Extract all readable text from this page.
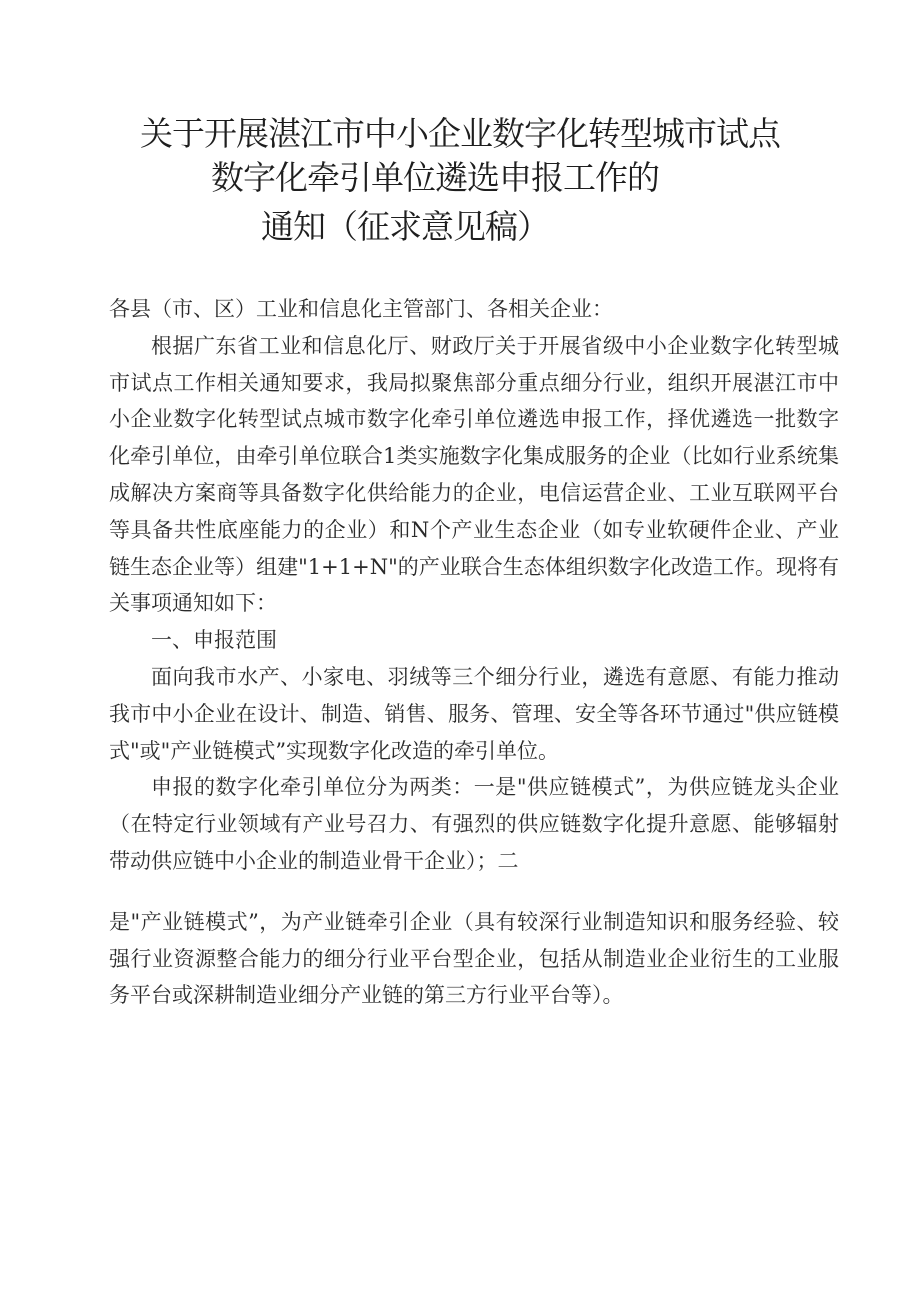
关于开展湛江市中小企业数字化转型城市试点
数字化牵引单位遴选申报工作的
通知（征求意见稿）

各县（市、区）工业和信息化主管部门、各相关企业：

根据广东省工业和信息化厅、财政厅关于开展省级中小企业数字化转型城市试点工作相关通知要求，我局拟聚焦部分重点细分行业，组织开展湛江市中小企业数字化转型试点城市数字化牵引单位遴选申报工作，择优遴选一批数字化牵引单位，由牵引单位联合1类实施数字化集成服务的企业（比如行业系统集成解决方案商等具备数字化供给能力的企业，电信运营企业、工业互联网平台等具备共性底座能力的企业）和N个产业生态企业（如专业软硬件企业、产业链生态企业等）组建"1+1+N"的产业联合生态体组织数字化改造工作。现将有关事项通知如下：

一、申报范围

面向我市水产、小家电、羽绒等三个细分行业，遴选有意愿、有能力推动我市中小企业在设计、制造、销售、服务、管理、安全等各环节通过"供应链模式"或"产业链模式”实现数字化改造的牵引单位。

申报的数字化牵引单位分为两类：一是"供应链模式”，为供应链龙头企业（在特定行业领域有产业号召力、有强烈的供应链数字化提升意愿、能够辐射带动供应链中小企业的制造业骨干企业）；二

是"产业链模式”，为产业链牵引企业（具有较深行业制造知识和服务经验、较强行业资源整合能力的细分行业平台型企业，包括从制造业企业衍生的工业服务平台或深耕制造业细分产业链的第三方行业平台等）。
